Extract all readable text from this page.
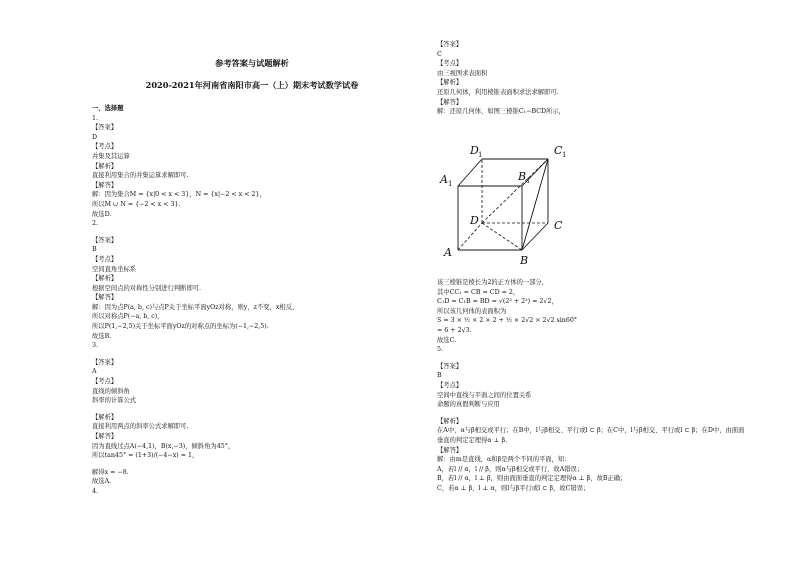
参考答案与试题解析
2020-2021年河南省南阳市高一（上）期末考试数学试卷
一、选择题
1.
【答案】
D
【考点】
并集及其运算
【解析】
直接利用集合的并集运算求解即可.
【解答】
解：因为集合M = {x|0 < x < 3}，N = {x|−2 < x < 2}，
所以M ∪ N = {−2 < x < 3}.
故选D.
2.
【答案】
B
【考点】
空间直角坐标系
【解析】
根据空间点的对称性分别进行判断即可.
【解答】
解：因为点P(a, b, c)与点P关于坐标平面yOz对称，则y，z不变，x相反，
所以对称点P(−a, b, c)，
所以P(1,−2,5)关于坐标平面yOz的对称点的坐标为(−1,−2,5).
故选B.
3.
【答案】
A
【考点】
直线的倾斜角
斜率的计算公式
【解析】
直接利用两点的斜率公式求解即可.
【解答】
因为直线过点A(−4,1)，B(x,−3)，倾斜角为45°，
所以tan45° = (1+3)/(−4−x) = 1，
解得x = −8.
故选A.
4.
【答案】
C
【考点】
由三视图求表面积
【解析】
还原几何体，利用棱锥表面积求法求解即可.
【解答】
解：还原几何体，如图三棱锥C₁−BCD所示，
A
B
C
D
A 1
B 1
C 1
D 1
该三棱锥是棱长为2的正方体的一部分，
其中CC₁ = CB = CD = 2，
C₁D = C₁B = BD = √(2² + 2²) = 2√2，
所以该几何体的表面积为
S = 3 × ½ × 2 × 2 + ½ × 2√2 × 2√2 sin60°
= 6 + 2√3.
故选C.
5.
【答案】
B
【考点】
空间中直线与平面之间的位置关系
命题的真假判断与应用
【解析】
在A中，α与β相交或平行；在B中，l与β相交、平行或l ⊂ β；在C中，l与β相交、平行或l ⊂ β；在D中，由面面
垂直的判定定理得α ⊥ β.
【解答】
解：由m是直线，α和β是两个不同的平面，知：
A，若l // α，l // β，则α与β相交或平行，故A错误；
B，若l // α，l ⊥ β，则由面面垂直的判定定理得α ⊥ β，故B正确；
C，若α ⊥ β，l ⊥ α，则l与β平行或l ⊂ β，故C错误；
